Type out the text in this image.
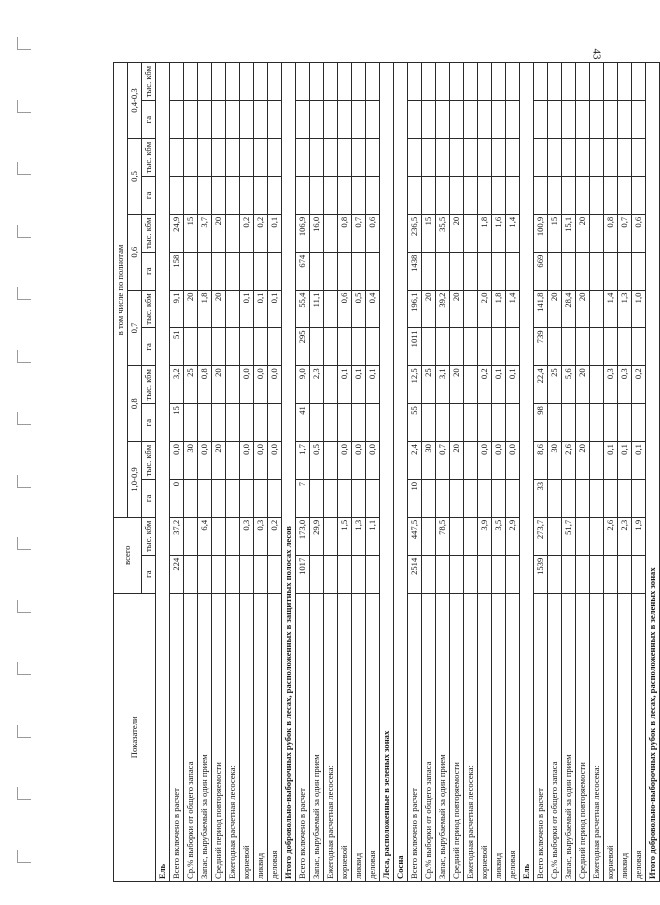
43
Показатели	всего		в том числе по полнотам											
			1,0-0,9		0,8		0,7		0,6		0,5		0,4-0,3	
	га	тыс. кбм	га	тыс. кбм	га	тыс. кбм	га	тыс. кбм	га	тыс. кбм	га	тыс. кбм	га	тыс. кбм
Ель														
Всего включено в расчет	224	37,2	0	0,0	15	3,2	51	9,1	158	24,9				
Ср.% выборки от общего запаса				30		25		20		15				
Запас, вырубаемый за один прием		6,4		0,0		0,8		1,8		3,7				
Средний период повторяемости				20		20		20		20				
Ежегодная расчетная лесосека:														
корневой		0,3		0,0		0,0		0,1		0,2				
ликвид		0,3		0,0		0,0		0,1		0,2				
деловая		0,2		0,0		0,0		0,1		0,1				
Итого добровольно-выборочных рубок в лесах, расположенных в защитных полосах лесов														
Всего включено в расчет	1017	173,0	7	1,7	41	9,0	295	55,4	674	106,9				
Запас, вырубаемый за один прием		29,9		0,5		2,3		11,1		16,0				
Ежегодная расчетная лесосека:														
корневой		1,5		0,0		0,1		0,6		0,8				
ликвид		1,3		0,0		0,1		0,5		0,7				
деловая		1,1		0,0		0,1		0,4		0,6				
Леса, расположенные в зеленых зонах														
Сосна														
Всего включено в расчет	2514	447,5	10	2,4	55	12,5	1011	196,1	1438	236,5				
Ср.% выборки от общего запаса				30		25		20		15				
Запас, вырубаемый за один прием		78,5		0,7		3,1		39,2		35,5				
Средний период повторяемости				20		20		20		20				
Ежегодная расчетная лесосека:														
корневой		3,9		0,0		0,2		2,0		1,8				
ликвид		3,5		0,0		0,1		1,8		1,6				
деловая		2,9		0,0		0,1		1,4		1,4				
Ель														
Всего включено в расчет	1539	273,7	33	8,6	98	22,4	739	141,8	669	100,9				
Ср.% выборки от общего запаса				30		25		20		15				
Запас, вырубаемый за один прием		51,7		2,6		5,6		28,4		15,1				
Средний период повторяемости				20		20		20		20				
Ежегодная расчетная лесосека:														
корневой		2,6		0,1		0,3		1,4		0,8				
ликвид		2,3		0,1		0,3		1,3		0,7				
деловая		1,9		0,1		0,2		1,0		0,6				
Итого добровольно-выборочных рубок в лесах, расположенных в зеленых зонах														
